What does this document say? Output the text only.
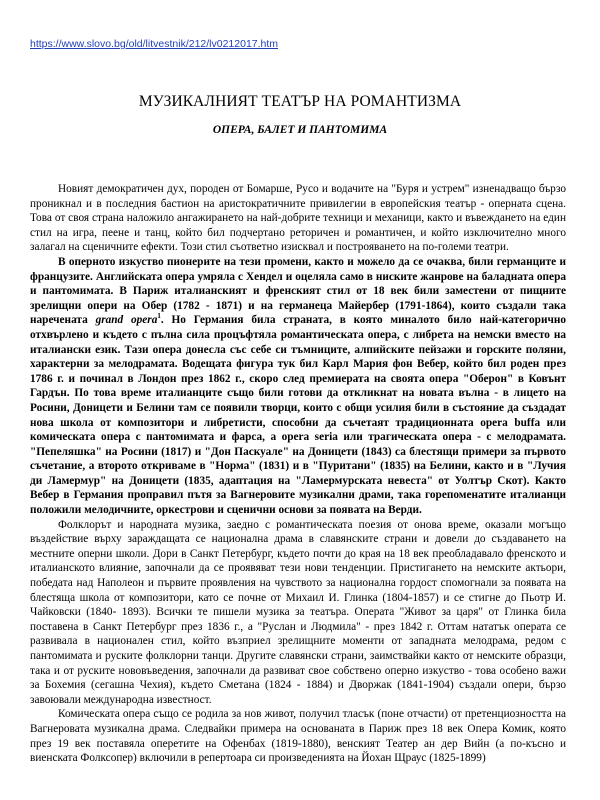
https://www.slovo.bg/old/litvestnik/212/lv0212017.htm
МУЗИКАЛНИЯТ ТЕАТЪР НА РОМАНТИЗМА
ОПЕРА, БАЛЕТ И ПАНТОМИМА

Новият демократичен дух, породен от Бомарше, Русо и водачите на "Буря и устрем" изненадващо бързо проникнал и в последния бастион на аристократичните привилегии в европейския театър - оперната сцена. Това от своя страна наложило ангажирането на най-добрите техници и механици, както и въвеждането на един стил на игра, пеене и танц, който бил подчертано реторичен и романтичен, и който изключително много залагал на сценичните ефекти. Този стил съответно изисквал и построяването на по-големи театри.

В оперното изкуство пионерите на тези промени, както и можело да се очаква, били германците и французите. Английската опера умряла с Хендел и оцеляла само в ниските жанрове на баладната опера и пантомимата. В Париж италианският и френският стил от 18 век били заместени от пищните зрелищни опери на Обер (1782 - 1871) и на германеца Майербер (1791-1864), които създали така наречената grand opera$^1$. Но Германия била страната, в която миналото било най-категорично отхвърлено и където с пълна сила процъфтяла романтическата опера, с либрета на немски вместо на италиански език. Тази опера донесла със себе си тъмниците, алпийските пейзажи и горските поляни, характерни за мелодрамата. Водещата фигура тук бил Карл Мария фон Вебер, който бил роден през 1786 г. и починал в Лондон през 1862 г., скоро след премиерата на своята опера "Оберон" в Ковънт Гардън. По това време италианците също били готови да откликнат на новата вълна - в лицето на Росини, Доницети и Белини там се появили творци, които с общи усилия били в състояние да създадат нова школа от композитори и либретисти, способни да съчетаят традиционната opera buffa или комическата опера с пантомимата и фарса, а opera seria или трагическата опера - с мелодрамата. "Пепеляшка" на Росини (1817) и "Дон Паскуале" на Доницети (1843) са блестящи примери за първото съчетание, а второто откриваме в "Норма" (1831) и в "Пуритани" (1835) на Белини, както и в "Лучия ди Ламермур" на Доницети (1835, адаптация на "Ламермурската невеста" от Уолтър Скот). Както Вебер в Германия проправил пътя за Вагнеровите музикални драми, така горепоменатите италианци положили мелодичните, оркестрови и сценични основи за появата на Верди.

Фолклорът и народната музика, заедно с романтическата поезия от онова време, оказали могъщо въздействие върху зараждащата се национална драма в славянските страни и довели до създаването на местните оперни школи. Дори в Санкт Петербург, където почти до края на 18 век преобладавало френското и италианското влияние, започнали да се проявяват тези нови тенденции. Пристигането на немските актьори, победата над Наполеон и първите проявления на чувството за национална гордост спомогнали за появата на блестяща школа от композитори, като се почне от Михаил И. Глинка (1804-1857) и се стигне до Пьотр И. Чайковски (1840- 1893). Всички те пишели музика за театъра. Операта "Живот за царя" от Глинка била поставена в Санкт Петербург през 1836 г., а "Руслан и Людмила" - през 1842 г. Оттам нататък операта се развивала в национален стил, който възприел зрелищните моменти от западната мелодрама, редом с пантомимата и руските фолклорни танци. Другите славянски страни, заимствайки както от немските образци, така и от руските нововъведения, започнали да развиват свое собствено оперно изкуство - това особено важи за Бохемия (сегашна Чехия), където Сметана (1824 - 1884) и Дворжак (1841-1904) създали опери, бързо завоювали международна известност.

Комическата опера също се родила за нов живот, получил тласък (поне отчасти) от претенциозността на Вагнеровата музикална драма. Следвайки примера на основаната в Париж през 18 век Опера Комик, която през 19 век поставяла оперетите на Офенбах (1819-1880), венският Театер ан дер Вийн (а по-късно и виенската Фолксопер) включили в репертоара си произведенията на Йохан Щраус (1825-1899)
